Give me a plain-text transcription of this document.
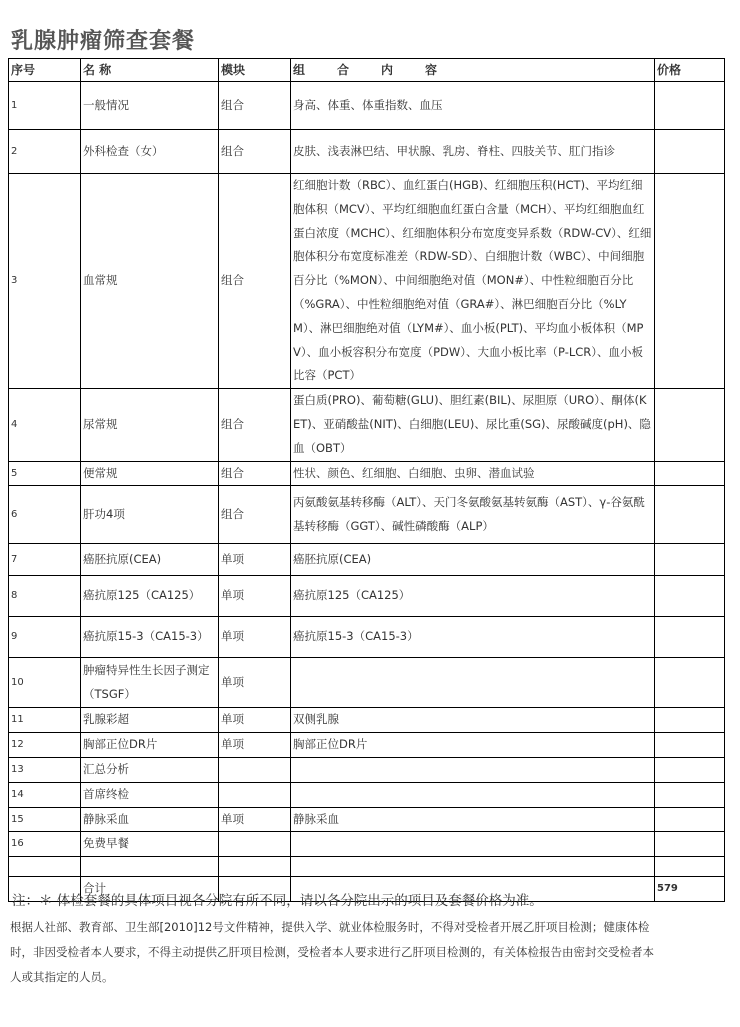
乳腺肿瘤筛查套餐
序号	名 称	模块	组　合　内　容	价格
1	一般情况	组合	身高、体重、体重指数、血压	
2	外科检查（女）	组合	皮肤、浅表淋巴结、甲状腺、乳房、脊柱、四肢关节、肛门指诊	
3	血常规	组合	红细胞计数（RBC）、血红蛋白(HGB)、红细胞压积(HCT)、平均红细胞体积（MCV）、平均红细胞血红蛋白含量（MCH）、平均红细胞血红蛋白浓度（MCHC）、红细胞体积分布宽度变异系数（RDW-CV）、红细胞体积分布宽度标准差（RDW-SD）、白细胞计数（WBC）、中间细胞百分比（%MON）、中间细胞绝对值（MON#）、中性粒细胞百分比（%GRA）、中性粒细胞绝对值（GRA#）、淋巴细胞百分比（%LYM）、淋巴细胞绝对值（LYM#）、血小板(PLT)、平均血小板体积（MPV）、血小板容积分布宽度（PDW）、大血小板比率（P-LCR）、血小板比容（PCT）	
4	尿常规	组合	蛋白质(PRO)、葡萄糖(GLU)、胆红素(BIL)、尿胆原（URO）、酮体(KET)、亚硝酸盐(NIT)、白细胞(LEU)、尿比重(SG)、尿酸碱度(pH)、隐血（OBT）	
5	便常规	组合	性状、颜色、红细胞、白细胞、虫卵、潜血试验	
6	肝功4项	组合	丙氨酸氨基转移酶（ALT）、天门冬氨酸氨基转氨酶（AST）、γ-谷氨酰基转移酶（GGT）、碱性磷酸酶（ALP）	
7	癌胚抗原(CEA)	单项	癌胚抗原(CEA)	
8	癌抗原125（CA125）	单项	癌抗原125（CA125）	
9	癌抗原15-3（CA15-3）	单项	癌抗原15-3（CA15-3）	
10	肿瘤特异性生长因子测定（TSGF）	单项		
11	乳腺彩超	单项	双侧乳腺	
12	胸部正位DR片	单项	胸部正位DR片	
13	汇总分析			
14	首席终检			
15	静脉采血	单项	静脉采血	
16	免费早餐			

	合计			579
注：＊ 体检套餐的具体项目视各分院有所不同，请以各分院出示的项目及套餐价格为准。
根据人社部、教育部、卫生部[2010]12号文件精神，提供入学、就业体检服务时，不得对受检者开展乙肝项目检测；健康体检时，非因受检者本人要求，不得主动提供乙肝项目检测，受检者本人要求进行乙肝项目检测的，有关体检报告由密封交受检者本人或其指定的人员。
